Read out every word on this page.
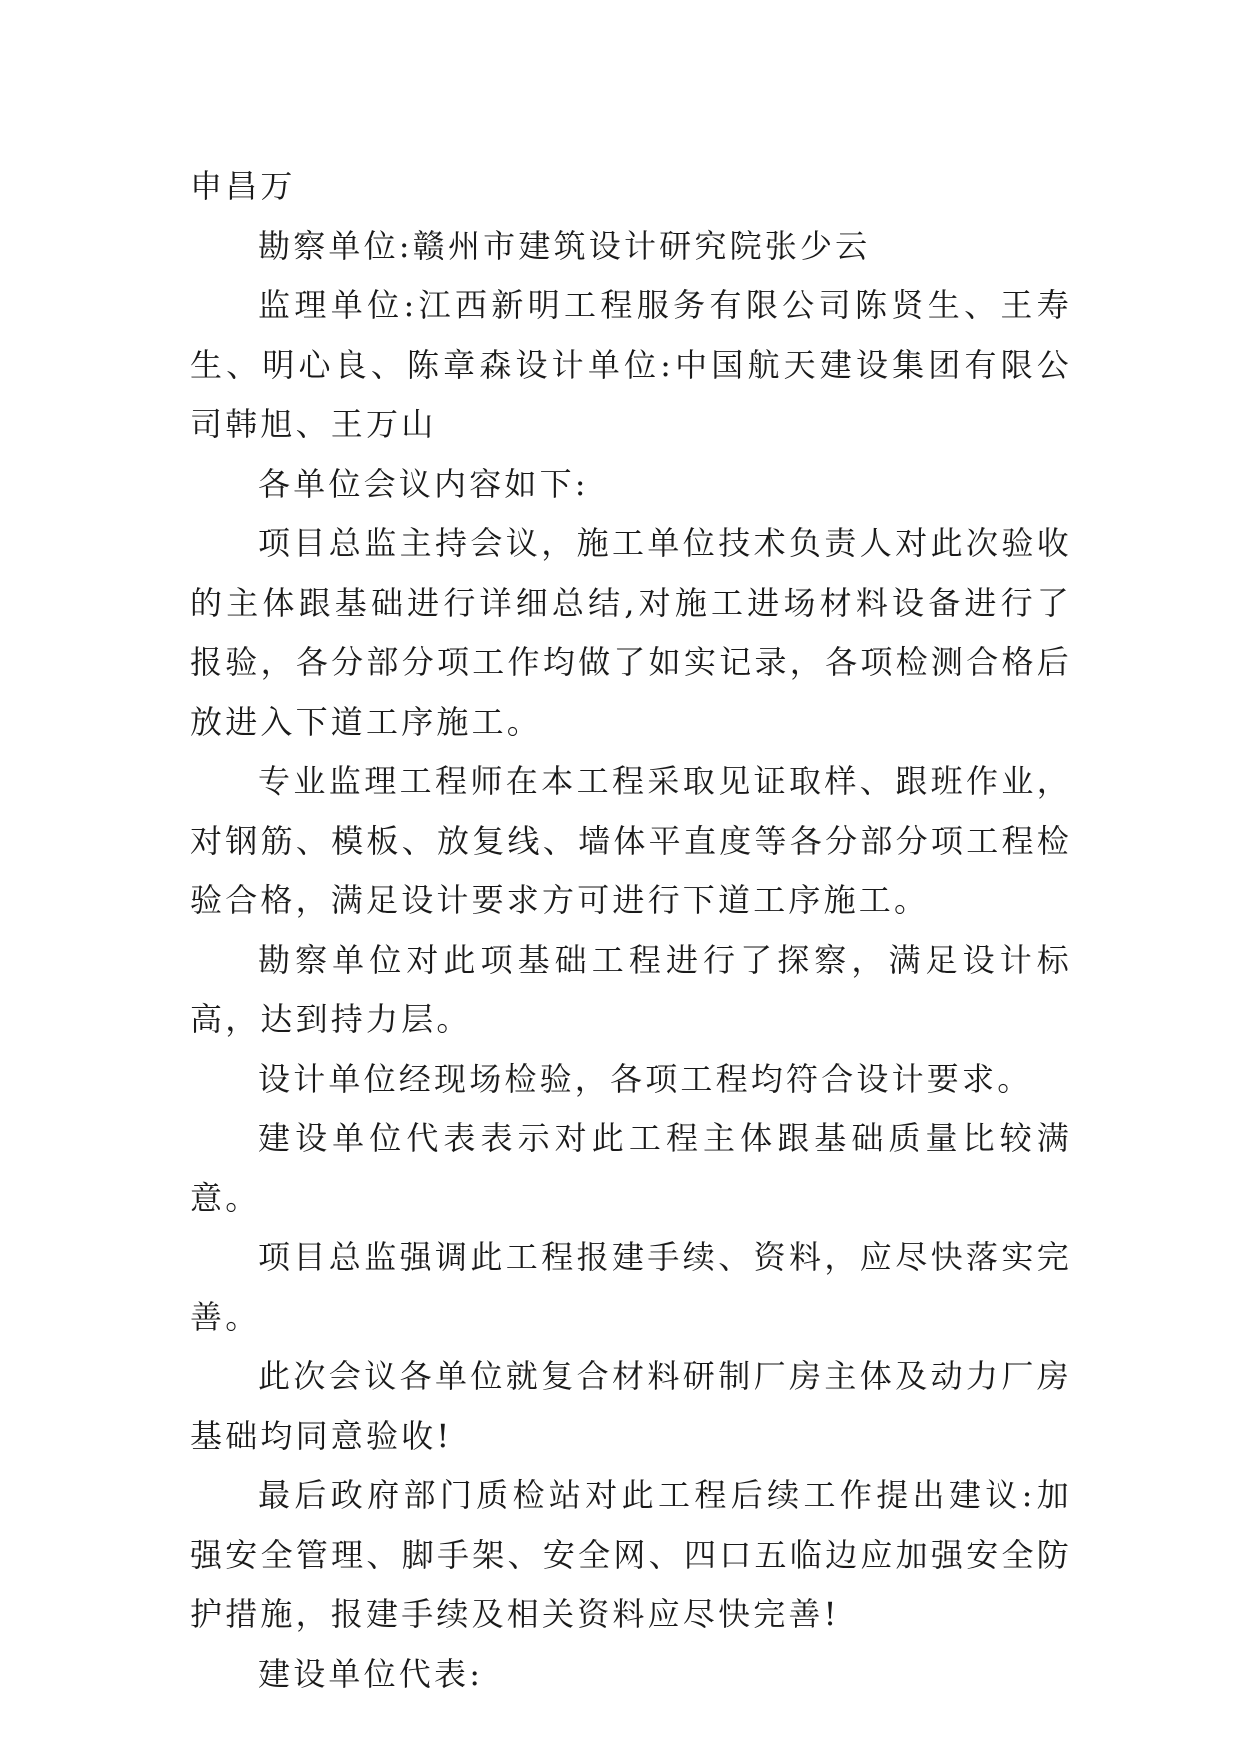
申昌万

勘察单位:赣州市建筑设计研究院张少云

监理单位:江西新明工程服务有限公司陈贤生、王寿生、明心良、陈章森设计单位:中国航天建设集团有限公司韩旭、王万山

各单位会议内容如下:

项目总监主持会议，施工单位技术负责人对此次验收的主体跟基础进行详细总结,对施工进场材料设备进行了报验，各分部分项工作均做了如实记录，各项检测合格后放进入下道工序施工。

专业监理工程师在本工程采取见证取样、跟班作业，对钢筋、模板、放复线、墙体平直度等各分部分项工程检验合格，满足设计要求方可进行下道工序施工。

勘察单位对此项基础工程进行了探察，满足设计标高，达到持力层。

设计单位经现场检验，各项工程均符合设计要求。

建设单位代表表示对此工程主体跟基础质量比较满意。

项目总监强调此工程报建手续、资料，应尽快落实完善。

此次会议各单位就复合材料研制厂房主体及动力厂房基础均同意验收!

最后政府部门质检站对此工程后续工作提出建议:加强安全管理、脚手架、安全网、四口五临边应加强安全防护措施，报建手续及相关资料应尽快完善!

建设单位代表:
